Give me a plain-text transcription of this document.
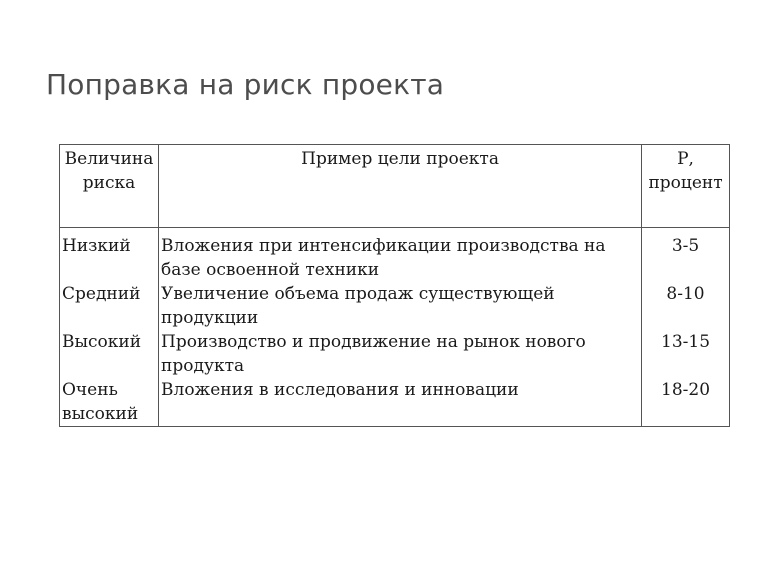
Поправка на риск проекта
Величина риска	Пример цели проекта	Р, процент
Низкий	Вложения при интенсификации производства на базе освоенной техники	3-5
Средний	Увеличение объема продаж существующей продукции	8-10
Высокий	Производство и продвижение на рынок нового продукта	13-15
Очень высокий	Вложения в исследования и инновации	18-20
